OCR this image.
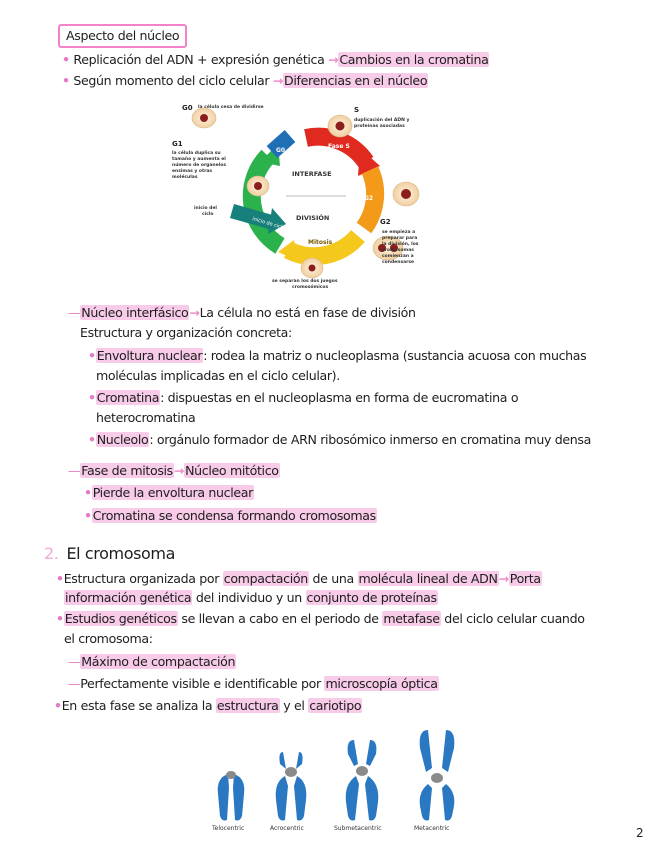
Aspecto del núcleo
• Replicación del ADN + expresión genética →Cambios en la cromatina
• Según momento del ciclo celular →Diferencias en el núcleo
inicio de ciclo
Fase S
G2
Mitosis
G1
G0
INTERFASE
DIVISIÓN
G0 la célula cesa de dividirse	S
duplicación del ADN y
proteínas asociadas
G1
la célula duplica su
tamaño y aumenta el
número de organelos
enzimas y otras
moléculas
inicio del
ciclo
G2
se empieza a
preparar para
la división, los
cromosomas
comienzan a
condensarse
se separan los dos juegos
cromosómicos
—Núcleo interfásico→La célula no está en fase de división
Estructura y organización concreta:
•Envoltura nuclear: rodea la matriz o nucleoplasma (sustancia acuosa con muchas
moléculas implicadas en el ciclo celular).
•Cromatina: dispuestas en el nucleoplasma en forma de eucromatina o
heterocromatina
•Nucleolo: orgánulo formador de ARN ribosómico inmerso en cromatina muy densa
—Fase de mitosis→Núcleo mitótico
•Pierde la envoltura nuclear
•Cromatina se condensa formando cromosomas
2. El cromosoma
•Estructura organizada por compactación de una molécula lineal de ADN→Porta
información genética del individuo y un conjunto de proteínas
•Estudios genéticos se llevan a cabo en el periodo de metafase del ciclo celular cuando
el cromosoma:
—Máximo de compactación
—Perfectamente visible e identificable por microscopía óptica
•En esta fase se analiza la estructura y el cariotipo
Telocentric	Acrocentric	Submetacentric	Metacentric	2
